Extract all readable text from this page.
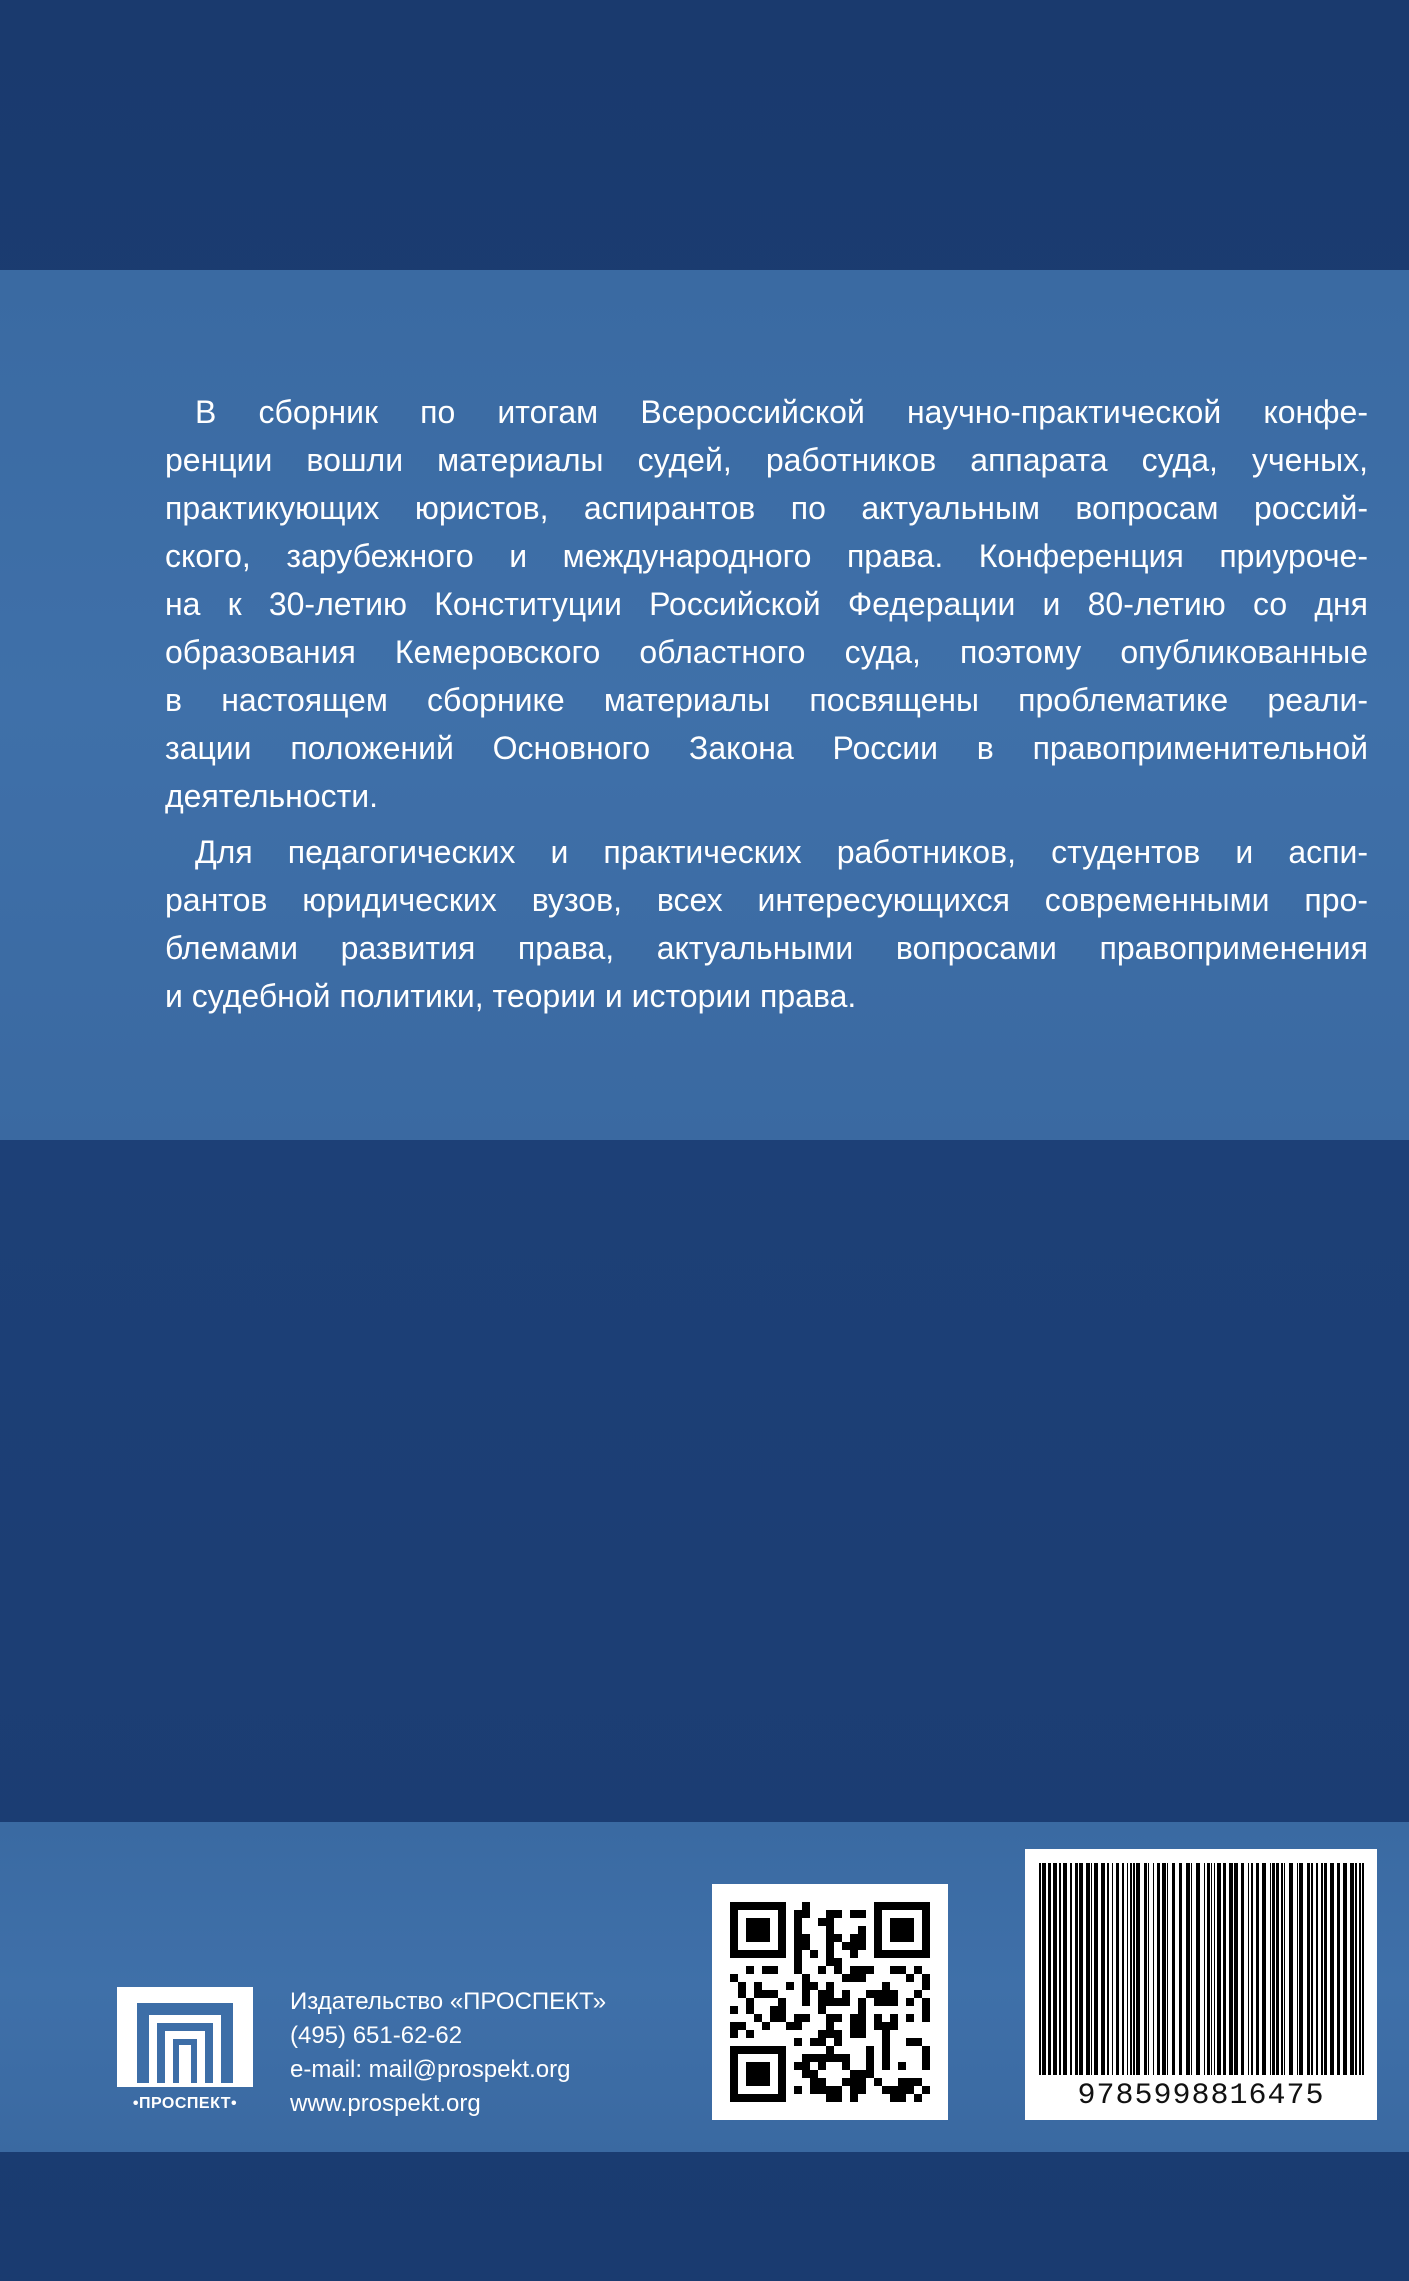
В сборник по итогам Всероссийской научно-практической конфе-
ренции вошли материалы судей, работников аппарата суда, ученых,
практикующих юристов, аспирантов по актуальным вопросам россий-
ского, зарубежного и международного права. Конференция приуроче-
на к 30-летию Конституции Российской Федерации и 80-летию со дня
образования Кемеровского областного суда, поэтому опубликованные
в настоящем сборнике материалы посвящены проблематике реали-
зации положений Основного Закона России в правоприменительной
деятельности.
Для педагогических и практических работников, студентов и аспи-
рантов юридических вузов, всех интересующихся современными про-
блемами развития права, актуальными вопросами правоприменения
и судебной политики, теории и истории права.
•ПРОСПЕКТ•
Издательство «ПРОСПЕКТ»
(495) 651-62-62
e-mail: mail@prospekt.org
www.prospekt.org	9785998816475
